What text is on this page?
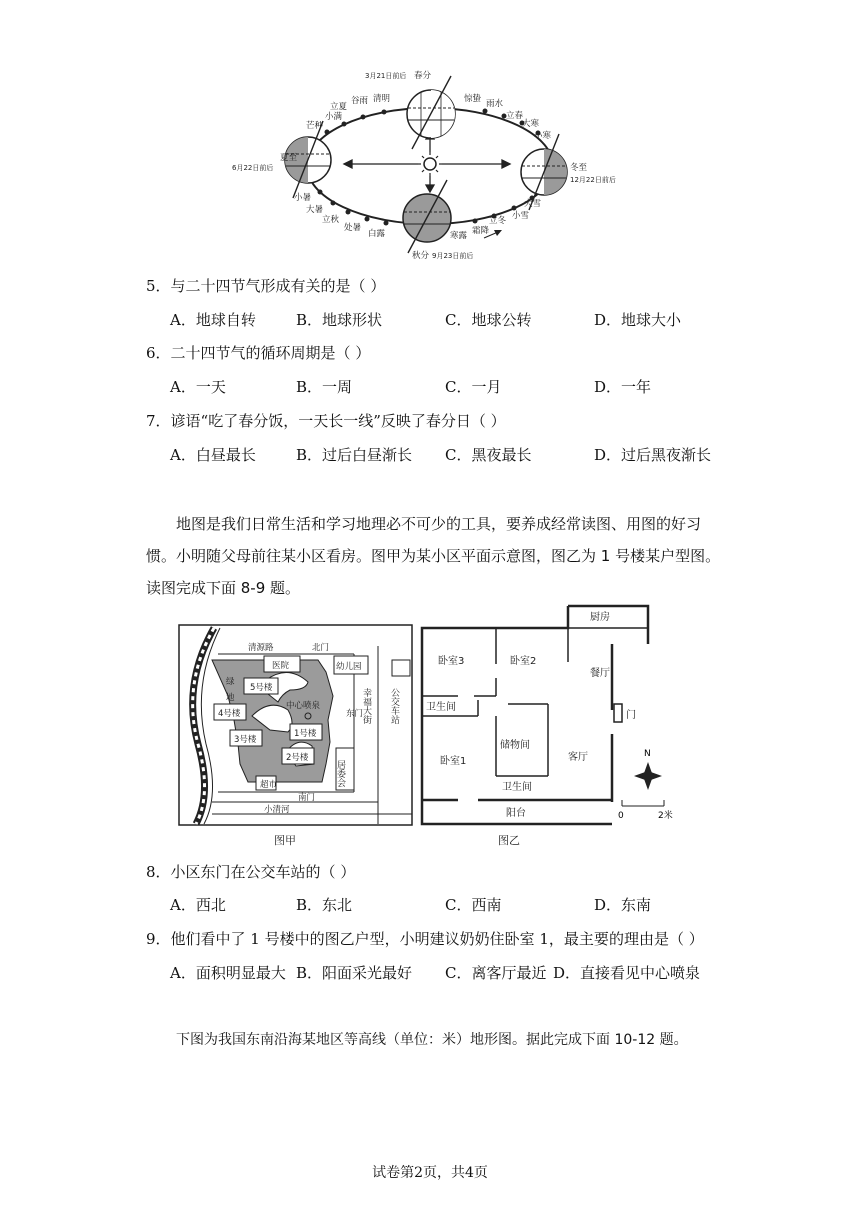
3月21日前后 春分
夏至
6月22日前后	冬至
12月22日前后
秋分 9月23日前后
清明
谷雨
立夏
小满
芒种
小暑
大暑
立秋
处暑
白露	寒露 霜降
立冬 小雪
大雪
小寒
大寒
立春
雨水
惊蛰
5．与二十四节气形成有关的是（ ）
A．地球自转	B．地球形状	C．地球公转	D．地球大小
6．二十四节气的循环周期是（ ）
A．一天	B．一周	C．一月	D．一年
7．谚语“吃了春分饭，一天长一线”反映了春分日（ ）
A．白昼最长	B．过后白昼渐长 C．黑夜最长	D．过后黑夜渐长
地图是我们日常生活和学习地理必不可少的工具，要养成经常读图、用图的好习惯。小明随父母前往某小区看房。图甲为某小区平面示意图，图乙为 1 号楼某户型图。读图完成下面 8-9 题。
清源路	北门
医院	幼儿园
绿
地
5号楼
4号楼
3号楼
1号楼
2号楼
中心喷泉
东门
超市
南门
小清河
幸福大街 公交车站
居委会
图甲
厨房
卧室3	卧室2
餐厅
卫生间
门
储物间
客厅
卧室1
卫生间
阳台
N
0	2米
图乙
8．小区东门在公交车站的（ ）
A．西北	B．东北	C．西南	D．东南
9．他们看中了 1 号楼中的图乙户型，小明建议奶奶住卧室 1，最主要的理由是（ ）
A．面积明显最大 B．阳面采光最好 C．离客厅最近 D．直接看见中心喷泉
下图为我国东南沿海某地区等高线（单位：米）地形图。据此完成下面 10-12 题。
试卷第2页，共4页
